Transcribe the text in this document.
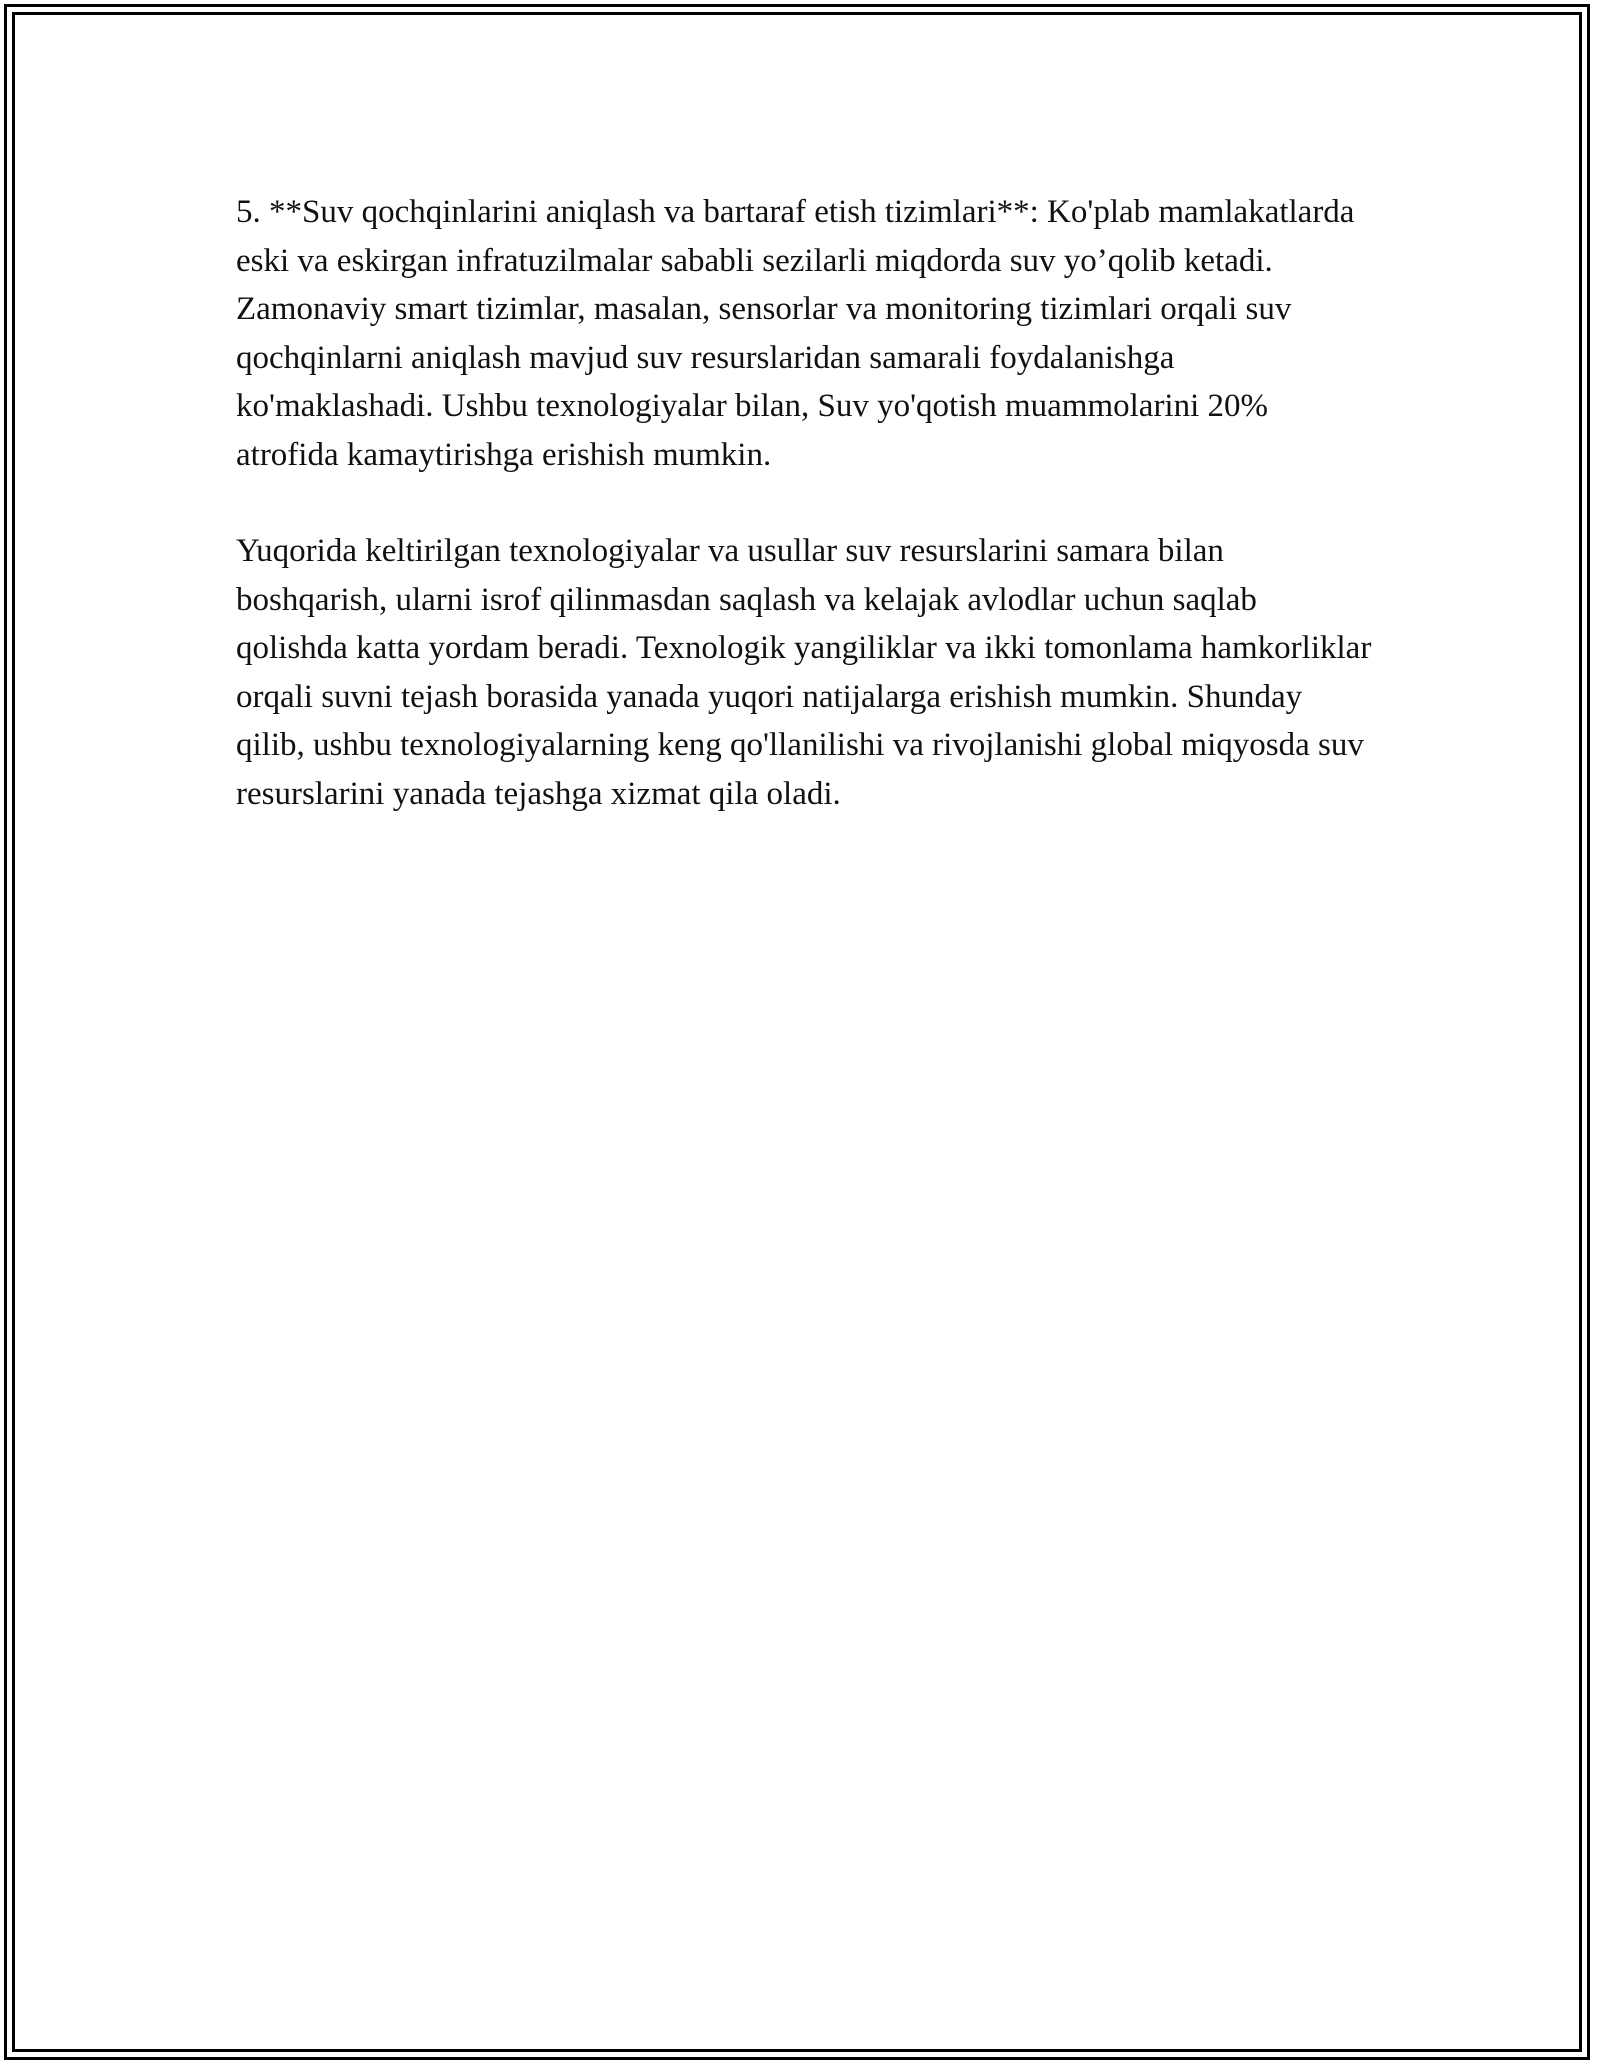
5. **Suv qochqinlarini aniqlash va bartaraf etish tizimlari**: Ko'plab mamlakatlarda eski va eskirgan infratuzilmalar sababli sezilarli miqdorda suv yo’qolib ketadi. Zamonaviy smart tizimlar, masalan, sensorlar va monitoring tizimlari orqali suv qochqinlarni aniqlash mavjud suv resurslaridan samarali foydalanishga ko'maklashadi. Ushbu texnologiyalar bilan, Suv yo'qotish muammolarini 20% atrofida kamaytirishga erishish mumkin.

Yuqorida keltirilgan texnologiyalar va usullar suv resurslarini samara bilan boshqarish, ularni isrof qilinmasdan saqlash va kelajak avlodlar uchun saqlab qolishda katta yordam beradi. Texnologik yangiliklar va ikki tomonlama hamkorliklar orqali suvni tejash borasida yanada yuqori natijalarga erishish mumkin. Shunday qilib, ushbu texnologiyalarning keng qo'llanilishi va rivojlanishi global miqyosda suv resurslarini yanada tejashga xizmat qila oladi.
